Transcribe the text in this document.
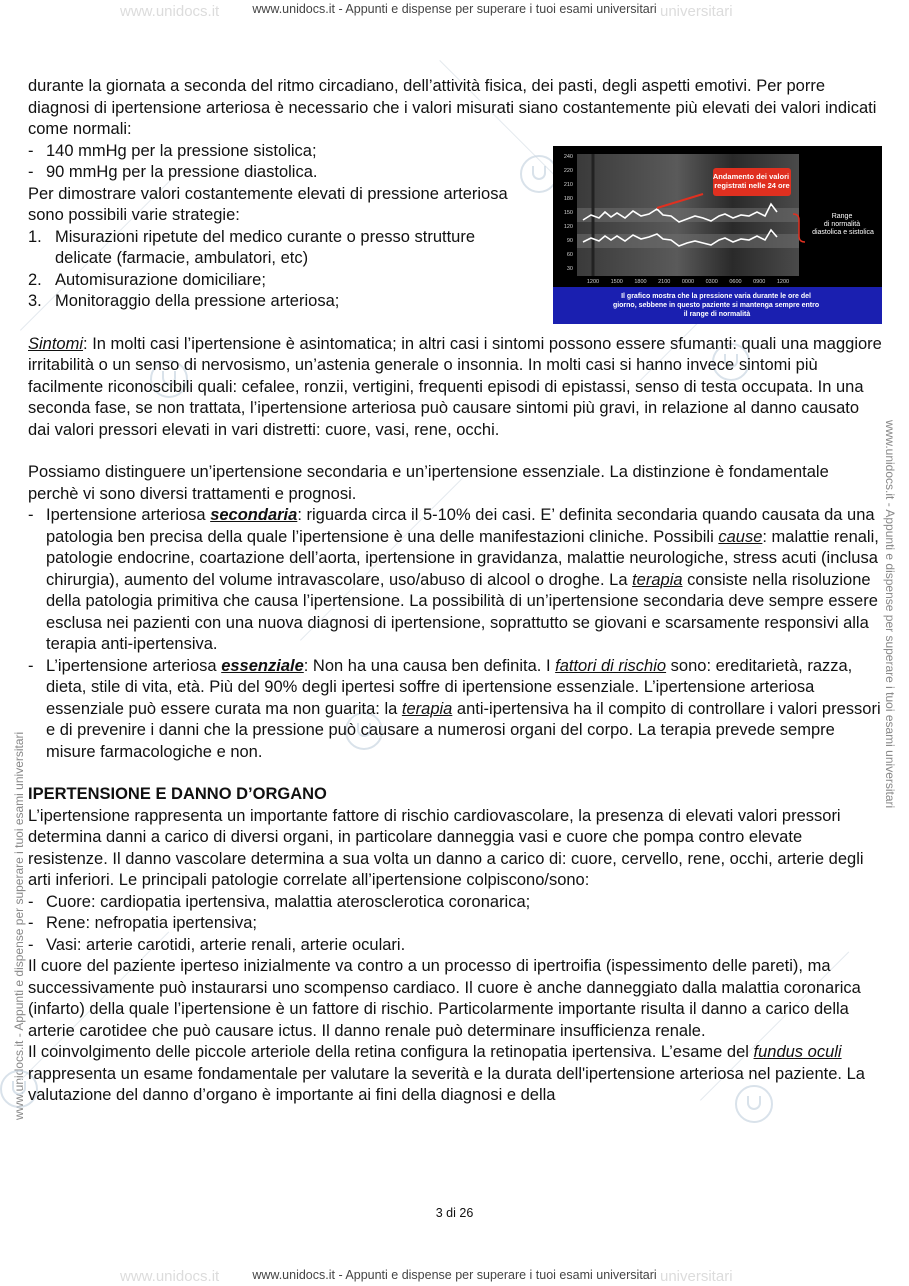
www.unidocs.it	universitari
www.unidocs.it - Appunti e dispense per superare i tuoi esami universitari
www.unidocs.it - Appunti e dispense per superare i tuoi esami universitari
www.unidocs.it - Appunti e dispense per superare i tuoi esami universitari

durante la giornata a seconda del ritmo circadiano, dell’attività fisica, dei pasti, degli aspetti emotivi. Per porre diagnosi di ipertensione arteriosa è necessario che i valori misurati siano costantemente più elevati dei valori indicati come normali:

- 140 mmHg per la pressione sistolica;
- 90 mmHg per la pressione diastolica.

Per dimostrare valori costantemente elevati di pressione arteriosa sono possibili varie strategie:

1. Misurazioni ripetute del medico curante o presso strutture delicate (farmacie, ambulatori, etc)
2. Automisurazione domiciliare;
3. Monitoraggio della pressione arteriosa;

Sintomi: In molti casi l’ipertensione è asintomatica; in altri casi i sintomi possono essere sfumanti: quali una maggiore irritabilità o un senso di nervosismo, un’astenia generale o insonnia. In molti casi si hanno invece sintomi più facilmente riconoscibili quali: cefalee, ronzii, vertigini, frequenti episodi di epistassi, senso di testa occupata. In una seconda fase, se non trattata, l’ipertensione arteriosa può causare sintomi più gravi, in relazione al danno causato dai valori pressori elevati in vari distretti: cuore, vasi, rene, occhi.

Possiamo distinguere un’ipertensione secondaria e un’ipertensione essenziale. La distinzione è fondamentale perchè vi sono diversi trattamenti e prognosi.

- Ipertensione arteriosa secondaria: riguarda circa il 5-10% dei casi. E’ definita secondaria quando causata da una patologia ben precisa della quale l’ipertensione è una delle manifestazioni cliniche. Possibili cause: malattie renali, patologie endocrine, coartazione dell’aorta, ipertensione in gravidanza, malattie neurologiche, stress acuti (inclusa chirurgia), aumento del volume intravascolare, uso/abuso di alcool o droghe. La terapia consiste nella risoluzione della patologia primitiva che causa l’ipertensione. La possibilità di un’ipertensione secondaria deve sempre essere esclusa nei pazienti con una nuova diagnosi di ipertensione, soprattutto se giovani e scarsamente responsivi alla terapia anti-ipertensiva.
- L’ipertensione arteriosa essenziale: Non ha una causa ben definita. I fattori di rischio sono: ereditarietà, razza, dieta, stile di vita, età. Più del 90% degli ipertesi soffre di ipertensione essenziale. L’ipertensione arteriosa essenziale può essere curata ma non guarita: la terapia anti-ipertensiva ha il compito di controllare i valori pressori e di prevenire i danni che la pressione può causare a numerosi organi del corpo. La terapia prevede sempre misure farmacologiche e non.

IPERTENSIONE E DANNO D’ORGANO

L’ipertensione rappresenta un importante fattore di rischio cardiovascolare, la presenza di elevati valori pressori determina danni a carico di diversi organi, in particolare danneggia vasi e cuore che pompa contro elevate resistenze. Il danno vascolare determina a sua volta un danno a carico di: cuore, cervello, rene, occhi, arterie degli arti inferiori. Le principali patologie correlate all’ipertensione colpiscono/sono:

- Cuore: cardiopatia ipertensiva, malattia aterosclerotica coronarica;
- Rene: nefropatia ipertensiva;
- Vasi: arterie carotidi, arterie renali, arterie oculari.

Il cuore del paziente iperteso inizialmente va contro a un processo di ipertroifia (ispessimento delle pareti), ma successivamente può instaurarsi uno scompenso cardiaco. Il cuore è anche danneggiato dalla malattia coronarica (infarto) della quale l’ipertensione è un fattore di rischio. Particolarmente importante risulta il danno a carico della arterie carotidee che può causare ictus. Il danno renale può determinare insufficienza renale.

Il coinvolgimento delle piccole arteriole della retina configura la retinopatia ipertensiva. L’esame del fundus oculi rappresenta un esame fondamentale per valutare la severità e la durata dell'ipertensione arteriosa nel paziente. La valutazione del danno d’organo è importante ai fini della diagnosi e della

240
220
210
180
150
120
90
60
30
1200 1500 1800 2100 0000 0300 0600 0900 1200
Andamento dei valori registrati nelle 24 ore
Range di normalità diastolica e sistolica
Il grafico mostra che la pressione varia durante le ore del giorno, sebbene in questo paziente si mantenga sempre entro il range di normalità
3 di 26
www.unidocs.it	universitari
www.unidocs.it - Appunti e dispense per superare i tuoi esami universitari
